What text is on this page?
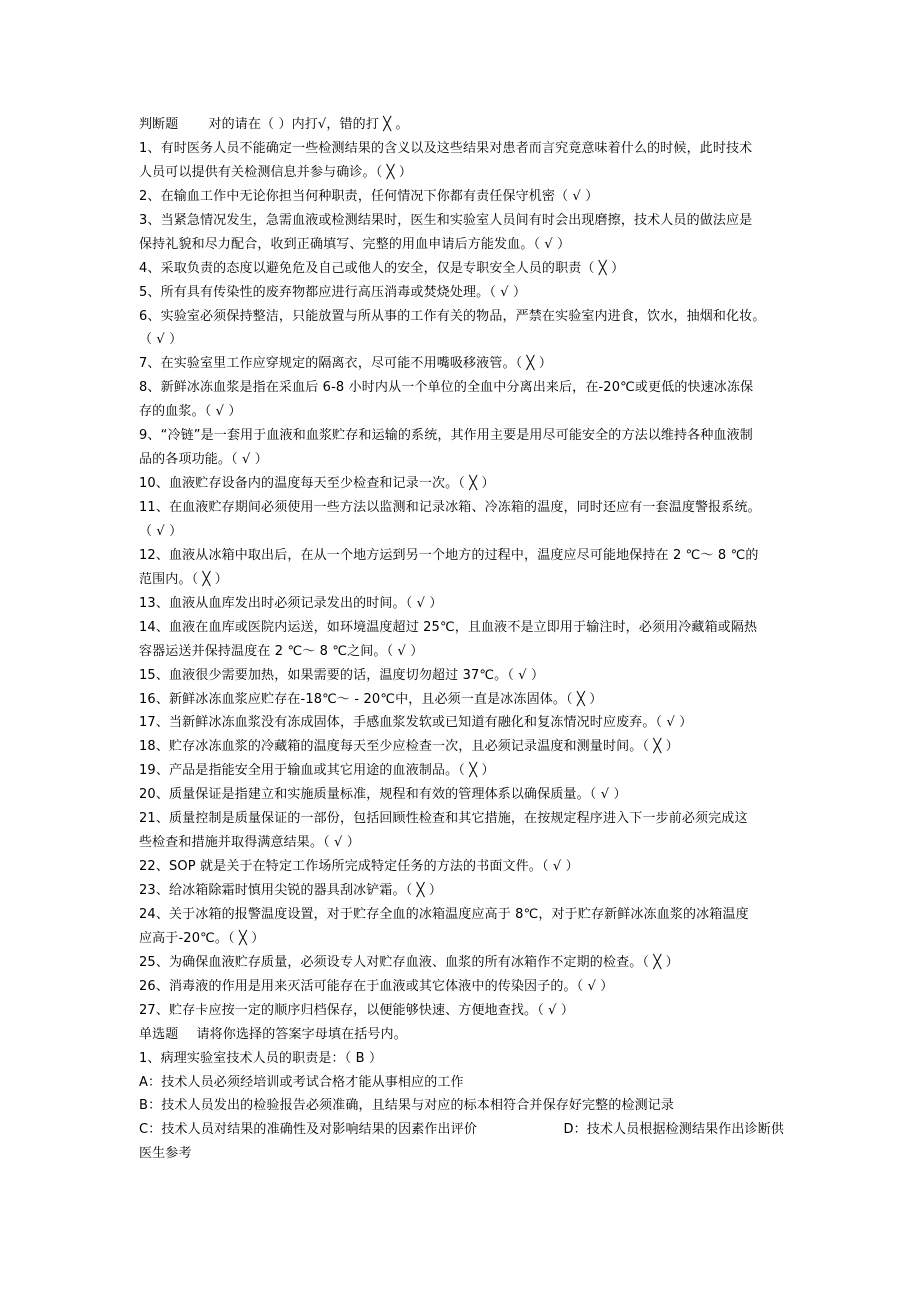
判断题 对的请在（ ）内打√，错的打 ╳ 。
1、有时医务人员不能确定一些检测结果的含义以及这些结果对患者而言究竟意味着什么的时候，此时技术
人员可以提供有关检测信息并参与确诊。（ ╳ ）
2、在输血工作中无论你担当何种职责，任何情况下你都有责任保守机密（ √ ）
3、当紧急情况发生，急需血液或检测结果时，医生和实验室人员间有时会出现磨擦，技术人员的做法应是
保持礼貌和尽力配合，收到正确填写、完整的用血申请后方能发血。（ √ ）
4、采取负责的态度以避免危及自己或他人的安全，仅是专职安全人员的职责（ ╳ ）
5、所有具有传染性的废弃物都应进行高压消毒或焚烧处理。（ √ ）
6、实验室必须保持整洁，只能放置与所从事的工作有关的物品，严禁在实验室内进食，饮水，抽烟和化妆。
（ √ ）
7、在实验室里工作应穿规定的隔离衣，尽可能不用嘴吸移液管。（ ╳ ）
8、新鲜冰冻血浆是指在采血后 6-8 小时内从一个单位的全血中分离出来后，在-20℃或更低的快速冰冻保
存的血浆。（ √ ）
9、“冷链”是一套用于血液和血浆贮存和运输的系统，其作用主要是用尽可能安全的方法以维持各种血液制
品的各项功能。（ √ ）
10、血液贮存设备内的温度每天至少检查和记录一次。（ ╳ ）
11、在血液贮存期间必须使用一些方法以监测和记录冰箱、冷冻箱的温度，同时还应有一套温度警报系统。
（ √ ）
12、血液从冰箱中取出后，在从一个地方运到另一个地方的过程中，温度应尽可能地保持在 2 ℃～ 8 ℃的
范围内。（ ╳ ）
13、血液从血库发出时必须记录发出的时间。（ √ ）
14、血液在血库或医院内运送，如环境温度超过 25℃，且血液不是立即用于输注时，必须用冷藏箱或隔热
容器运送并保持温度在 2 ℃～ 8 ℃之间。（ √ ）
15、血液很少需要加热，如果需要的话，温度切勿超过 37℃。（ √ ）
16、新鲜冰冻血浆应贮存在-18℃～ - 20℃中，且必须一直是冰冻固体。（ ╳ ）
17、当新鲜冰冻血浆没有冻成固体，手感血浆发软或已知道有融化和复冻情况时应废弃。（ √ ）
18、贮存冰冻血浆的冷藏箱的温度每天至少应检查一次，且必须记录温度和测量时间。（ ╳ ）
19、产品是指能安全用于输血或其它用途的血液制品。（ ╳ ）
20、质量保证是指建立和实施质量标准，规程和有效的管理体系以确保质量。（ √ ）
21、质量控制是质量保证的一部份，包括回顾性检查和其它措施，在按规定程序进入下一步前必须完成这
些检查和措施并取得满意结果。（ √ ）
22、SOP 就是关于在特定工作场所完成特定任务的方法的书面文件。（ √ ）
23、给冰箱除霜时慎用尖锐的器具刮冰铲霜。（ ╳ ）
24、关于冰箱的报警温度设置，对于贮存全血的冰箱温度应高于 8℃，对于贮存新鲜冰冻血浆的冰箱温度
应高于-20℃。（ ╳ ）
25、为确保血液贮存质量，必须设专人对贮存血液、血浆的所有冰箱作不定期的检查。（ ╳ ）
26、消毒液的作用是用来灭活可能存在于血液或其它体液中的传染因子的。（ √ ）
27、贮存卡应按一定的顺序归档保存，以便能够快速、方便地查找。（ √ ）
单选题 请将你选择的答案字母填在括号内。
1、病理实验室技术人员的职责是：（ B ）
A：技术人员必须经培训或考试合格才能从事相应的工作
B：技术人员发出的检验报告必须准确，且结果与对应的标本相符合并保存好完整的检测记录
C：技术人员对结果的准确性及对影响结果的因素作出评价	D：技术人员根据检测结果作出诊断供
医生参考
